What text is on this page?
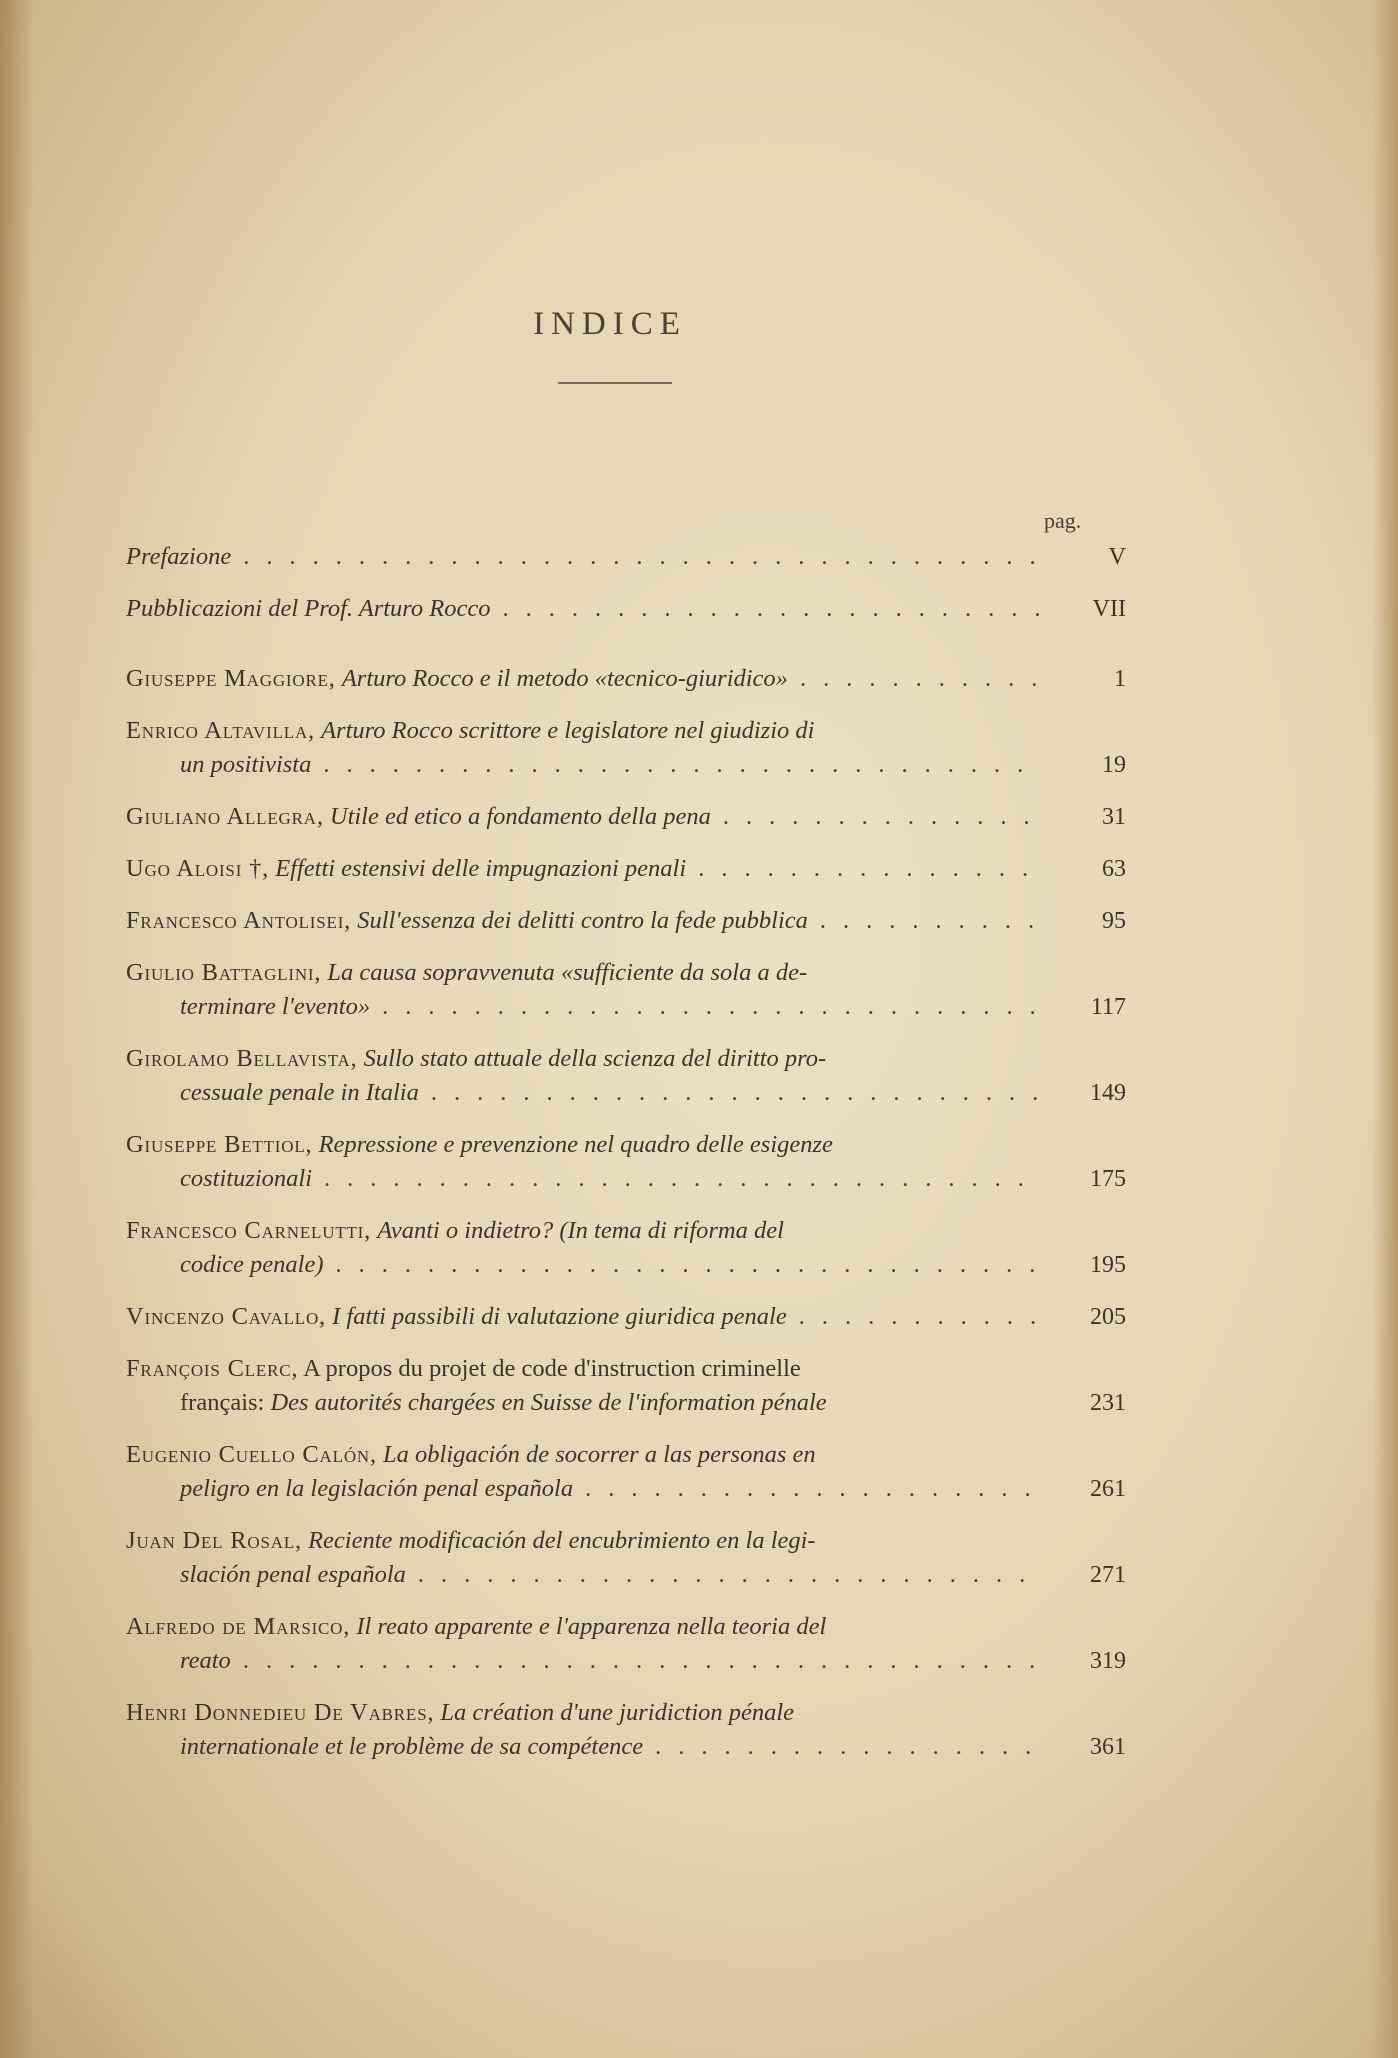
INDICE
pag.
Prefazione .....	V
Pubblicazioni del Prof. Arturo Rocco .....	VII
Giuseppe Maggiore, Arturo Rocco e il metodo «tecnico-giuridico» .....	1
Enrico Altavilla, Arturo Rocco scrittore e legislatore nel giudizio di
un positivista .....	19
Giuliano Allegra, Utile ed etico a fondamento della pena .....	31
Ugo Aloisi †, Effetti estensivi delle impugnazioni penali .....	63
Francesco Antolisei, Sull'essenza dei delitti contro la fede pubblica .....	95
Giulio Battaglini, La causa sopravvenuta «sufficiente da sola a de-
terminare l'evento» .....	117
Girolamo Bellavista, Sullo stato attuale della scienza del diritto pro-
cessuale penale in Italia .....	149
Giuseppe Bettiol, Repressione e prevenzione nel quadro delle esigenze
costituzionali .....	175
Francesco Carnelutti, Avanti o indietro? (In tema di riforma del
codice penale) .....	195
Vincenzo Cavallo, I fatti passibili di valutazione giuridica penale .....	205
François Clerc, A propos du projet de code d'instruction criminelle
français: Des autorités chargées en Suisse de l'information pénale	231
Eugenio Cuello Calón, La obligación de socorrer a las personas en
peligro en la legislación penal española .....	261
Juan Del Rosal, Reciente modificación del encubrimiento en la legi-
slación penal española .....	271
Alfredo de Marsico, Il reato apparente e l'apparenza nella teoria del
reato .....	319
Henri Donnedieu De Vabres, La création d'une juridiction pénale
internationale et le problème de sa compétence .....	361
